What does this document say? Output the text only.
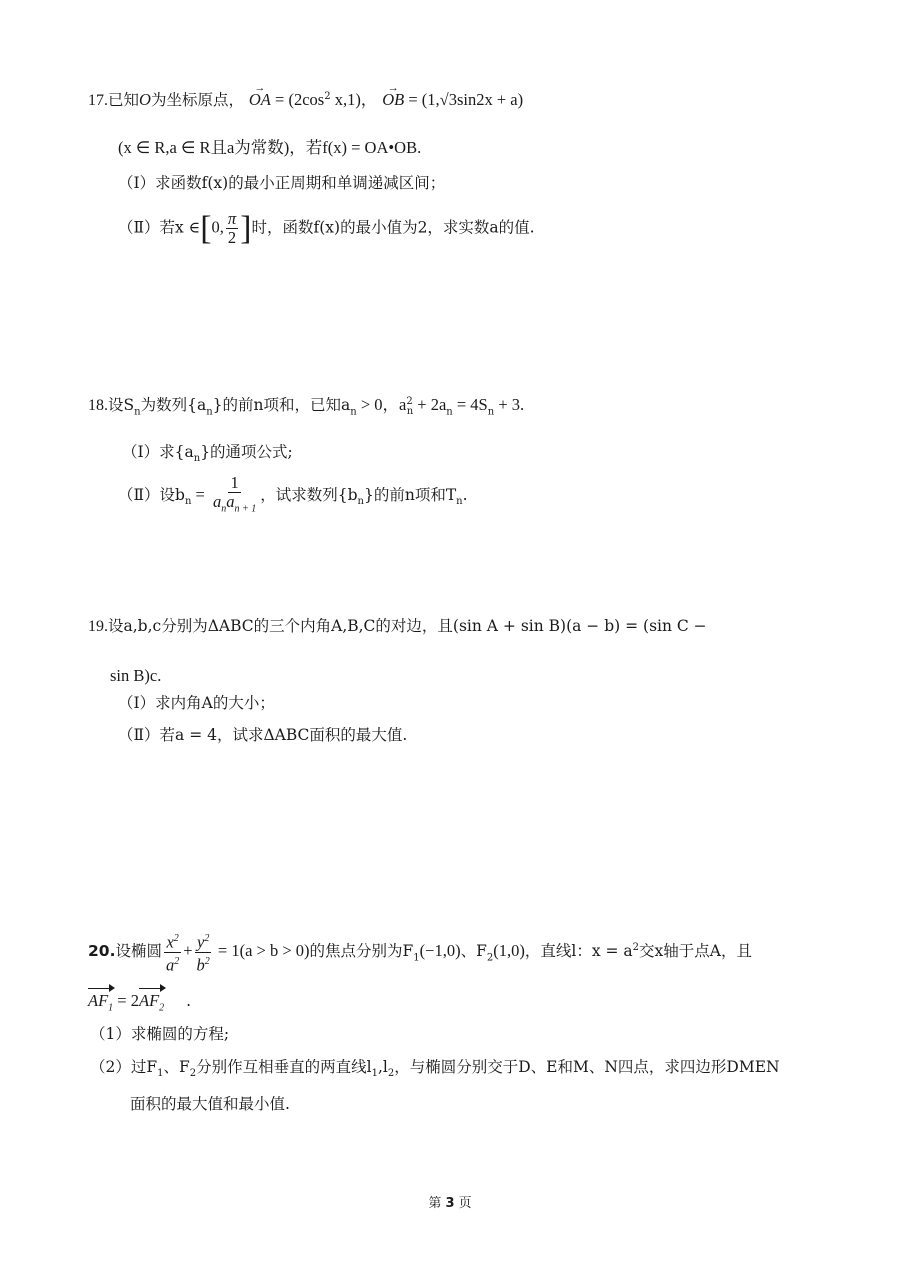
17.已知O为坐标原点， → OA = ($2\cos^2$ x,1)， → OB = (1,√3sin2x + a)
(x ∈ R,a ∈ R且a为常数)，若f(x) = OA•OB.
（Ⅰ）求函数f(x)的最小正周期和单调递减区间；
（Ⅱ）若x ∈[0, $\frac{\pi}{2}$ ]时，函数f(x)的最小值为2，求实数a的值.
18.设$S_n$为数列$\{a_n\}$的前n项和，已知$a_n > 0$，$a^2_n + 2a_n = 4S_n + 3$.
（Ⅰ）求$\{a_n\}$的通项公式;
（Ⅱ）设$b_n = \frac{1}{a_na_{n + 1}}$ ，试求数列$\{b_n\}$的前n项和$T_n$.
19.设a,b,c分别为ΔABC的三个内角A,B,C的对边，且(sin A + sin B)(a − b) = (sin C −
sin B)c.
（Ⅰ）求内角A的大小；
（Ⅱ）若a = 4，试求ΔABC面积的最大值.
20.设椭圆 $\frac{x^2}{a^2} + \frac{y^2}{b^2} = 1(a > b > 0)$的焦点分别为$F_1(-1,0)$、$F_2(1,0)$，直线l：$x = a^2$交x轴于点A，且
$AF_1 = 2AF_2$ .
（1）求椭圆的方程;
（2）过$F_1$、$F_2$分别作互相垂直的两直线$l_1,l_2$，与椭圆分别交于D、E和M、N四点，求四边形DMEN
面积的最大值和最小值.
第 3 页
